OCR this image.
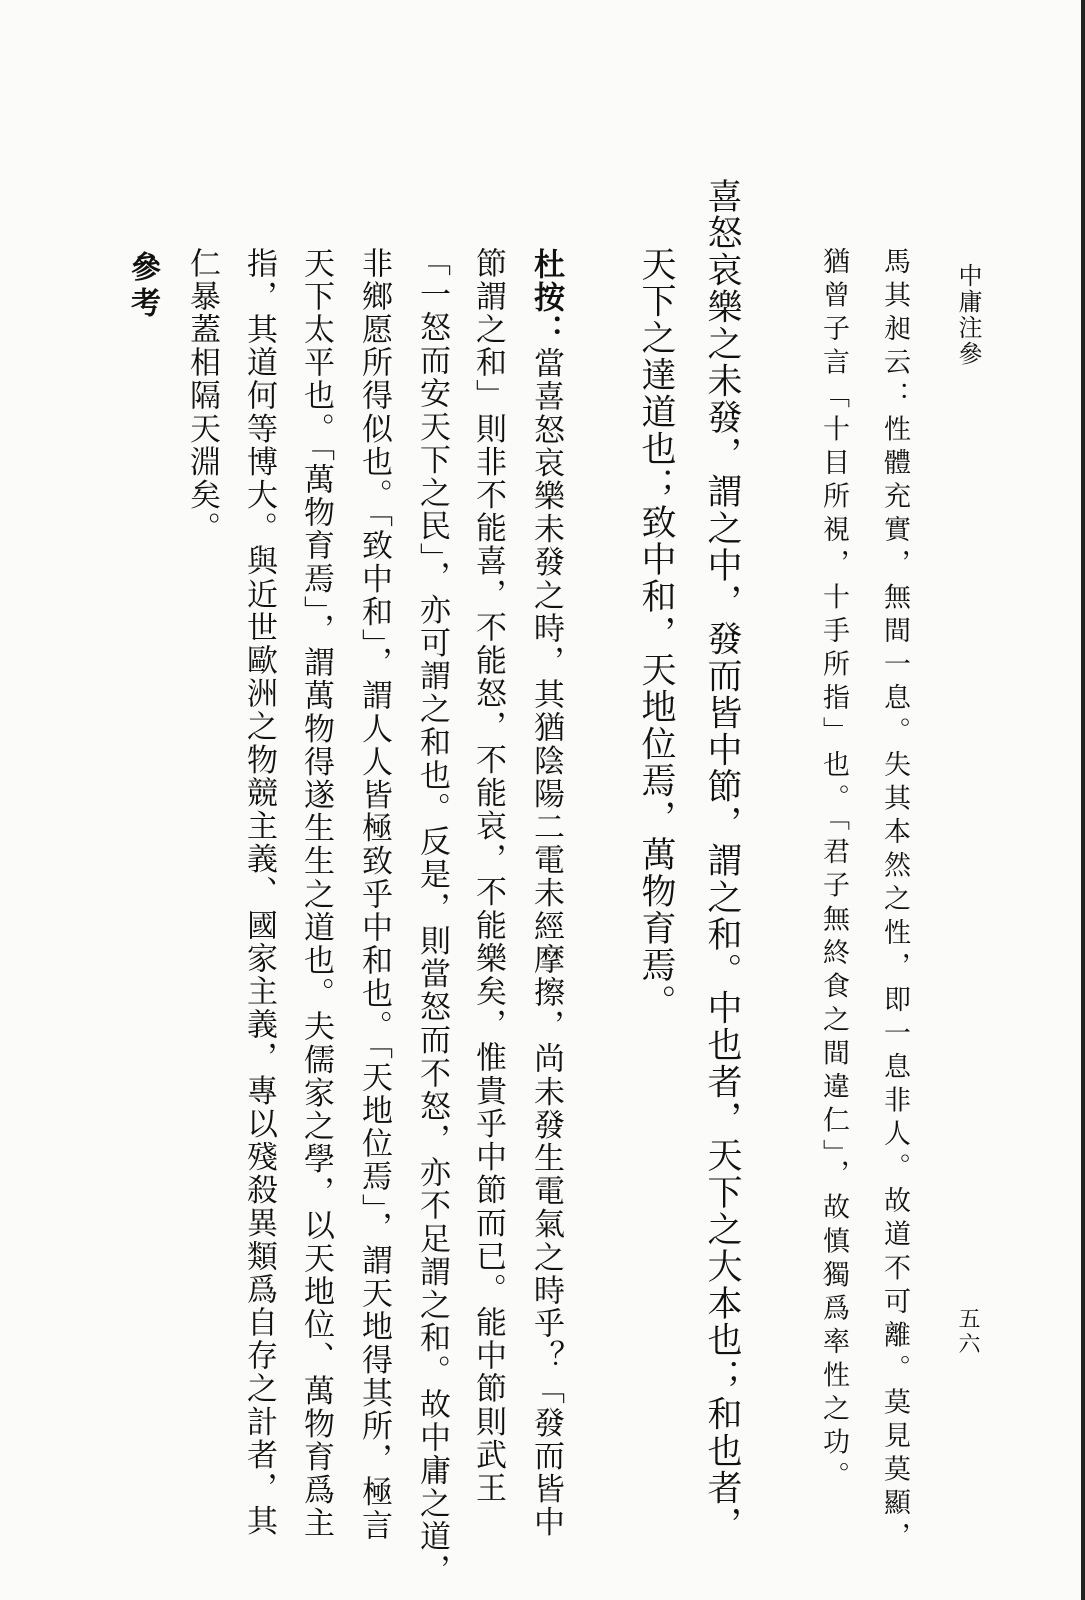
中庸注參
五六
馬其昶云：性體充實，無間一息。失其本然之性，即一息非人。故道不可離。莫見莫顯，
猶曾子言「十目所視，十手所指」也。「君子無終食之間違仁」，故慎獨爲率性之功。
喜怒哀樂之未發，謂之中，發而皆中節，謂之和。中也者，天下之大本也；和也者，
天下之達道也；致中和，天地位焉，萬物育焉。
杜按：當喜怒哀樂未發之時，其猶陰陽二電未經摩擦，尚未發生電氣之時乎？「發而皆中
節謂之和」則非不能喜，不能怒，不能哀，不能樂矣，惟貴乎中節而已。能中節則武王
「一怒而安天下之民」，亦可謂之和也。反是，則當怒而不怒，亦不足謂之和。故中庸之道，
非鄉愿所得似也。「致中和」，謂人人皆極致乎中和也。「天地位焉」，謂天地得其所，極言
天下太平也。「萬物育焉」，謂萬物得遂生生之道也。夫儒家之學，以天地位、萬物育爲主
指，其道何等博大。與近世歐洲之物競主義、國家主義，專以殘殺異類爲自存之計者，其
仁暴蓋相隔天淵矣。
參考
